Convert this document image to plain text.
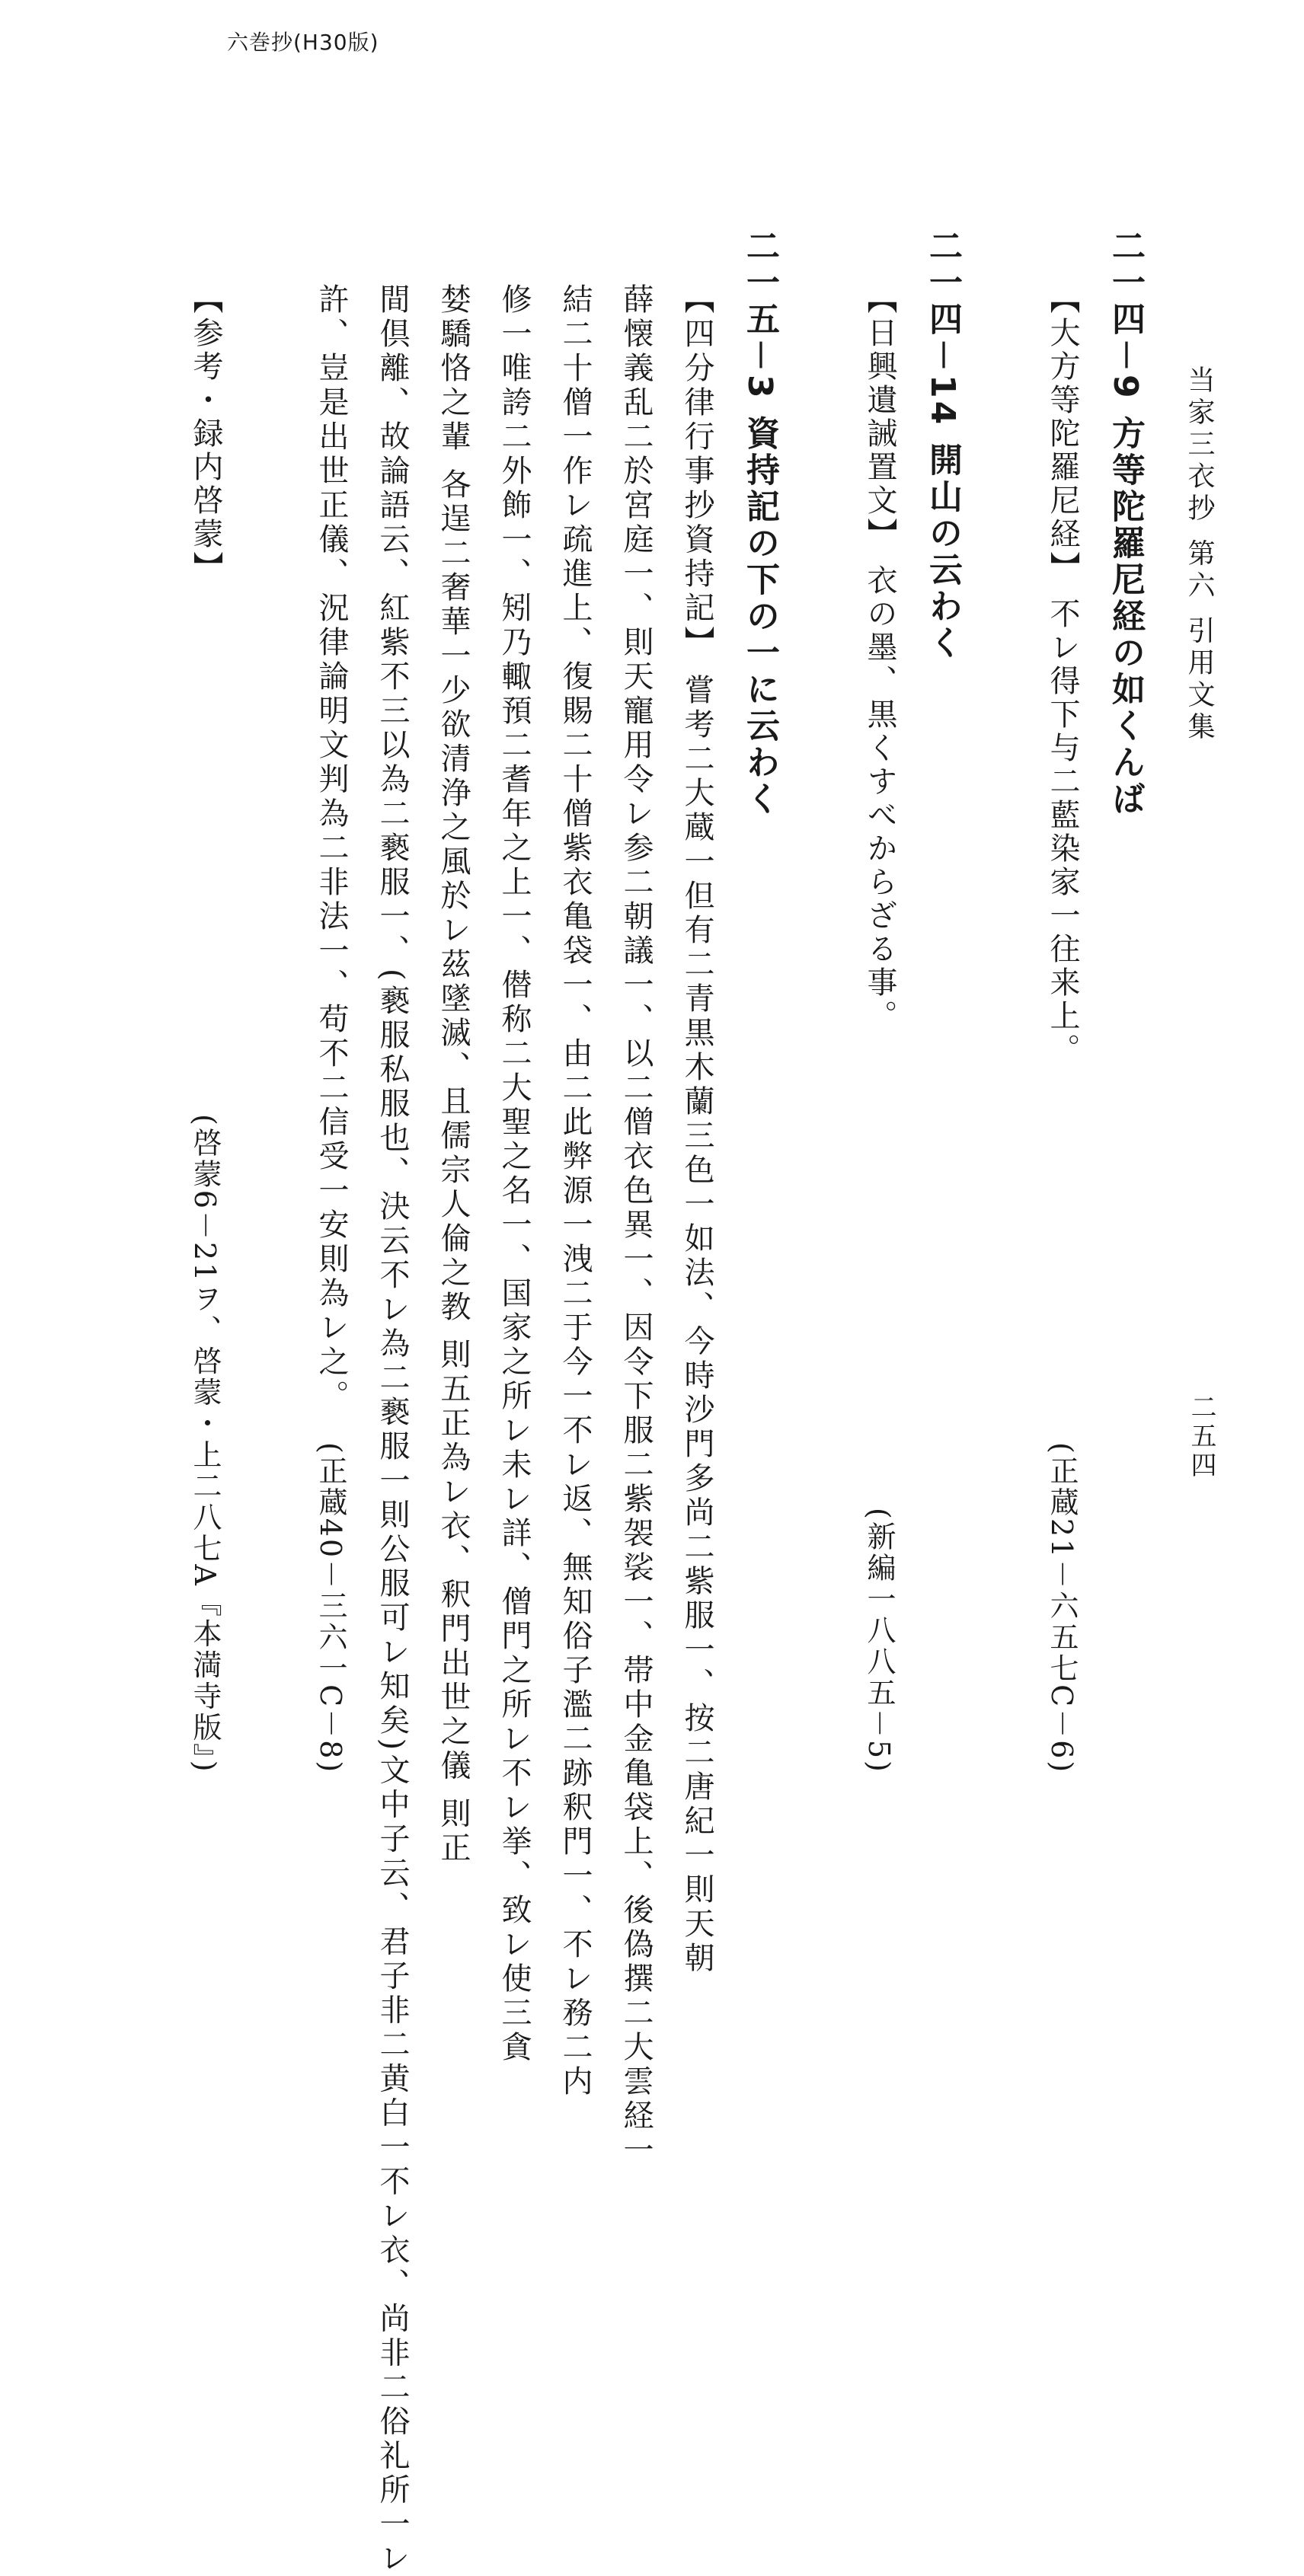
六巻抄(H30版)
当家三衣抄 第六 引用文集
二五四
二一四－9 方等陀羅尼経の如くんば
【大方等陀羅尼経】 不レ得下与二藍染家一往来上。
(正蔵21－六五七C－6)
二一四－14 開山の云わく
【日興遺誡置文】 衣の墨、黒くすべからざる事。
(新編一八八五－5)
二一五－3 資持記の下の一に云わく
【四分律行事抄資持記】 嘗考二大蔵一但有二青黒木蘭三色一如法、今時沙門多尚二紫服一、按二唐紀一則天朝
薛懐義乱二於宮庭一、則天寵用令レ参二朝議一、以二僧衣色異一、因令下服二紫袈裟一、帯中金亀袋上、後偽撰二大雲経一
結二十僧一作レ疏進上、復賜二十僧紫衣亀袋一、由二此弊源一洩二于今一不レ返、無知俗子濫二跡釈門一、不レ務二内
修一唯誇二外飾一、矧乃輙預二耆年之上一、僣称二大聖之名一、国家之所レ未レ詳、僧門之所レ不レ挙、致レ使三貪
婪驕恪之輩 各逞二奢華一少欲清浄之風於レ茲墜滅、且儒宗人倫之教 則五正為レ衣、釈門出世之儀 則正
間倶離、故論語云、紅紫不三以為二褻服一、(褻服私服也、決云不レ為二褻服一則公服可レ知矣)文中子云、君子非二黄白一不レ衣、尚非二俗礼所一レ
許、豈是出世正儀、況律論明文判為二非法一、苟不二信受一安則為レ之。
(正蔵40－三六一C－8)
【参考・録内啓蒙】
(啓蒙6－21ヲ、啓蒙・上二八七A『本満寺版』)
